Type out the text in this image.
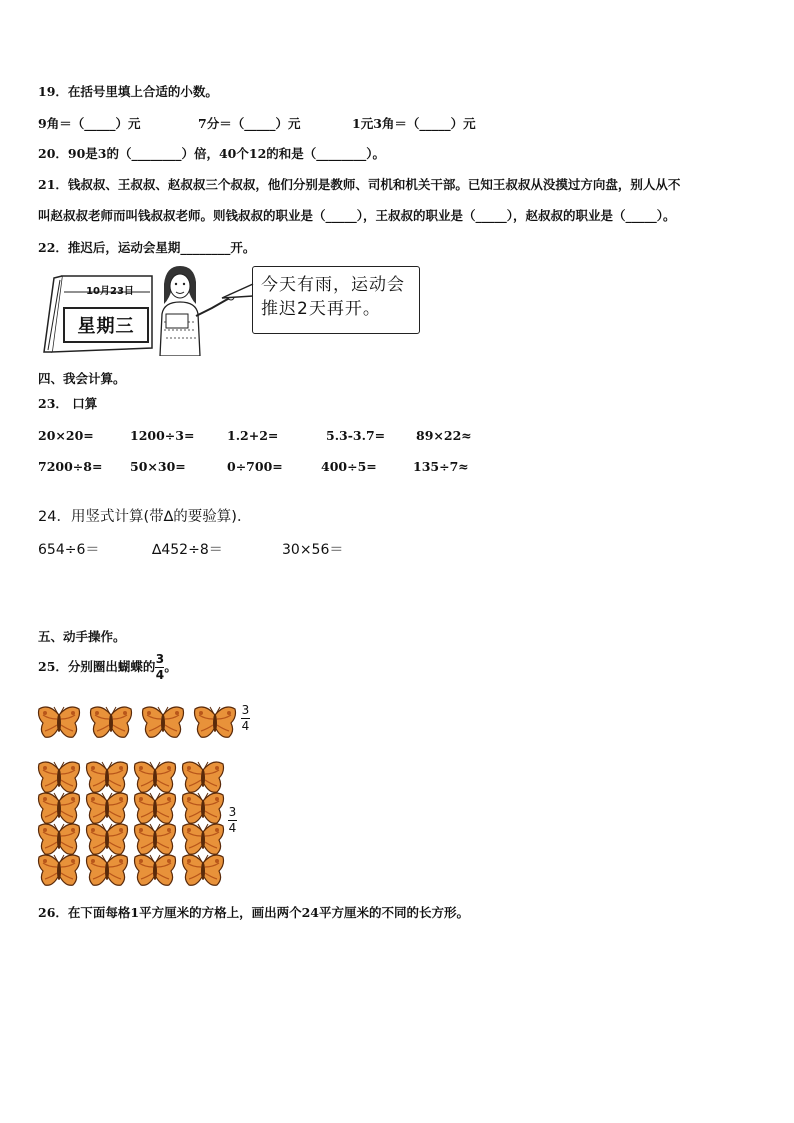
19．在括号里填上合适的小数。
9角＝（_____）元	7分＝（_____）元	1元3角＝（_____）元
20．90是3的（________）倍，40个12的和是（________）。
21．钱叔叔、王叔叔、赵叔叔三个叔叔，他们分别是教师、司机和机关干部。已知王叔叔从没摸过方向盘，别人从不
叫赵叔叔老师而叫钱叔叔老师。则钱叔叔的职业是（_____），王叔叔的职业是（_____），赵叔叔的职业是（_____）。
22．推迟后，运动会星期________开。
10月23日
星期三
今天有雨，运动会
推迟2天再开。
四、我会计算。
23． 口算
20×20=	1200÷3=	1.2+2=	5.3-3.7= 89×22≈
7200÷8= 50×30=	0÷700=	400÷5=	135÷7≈
24．用竖式计算(带∆的要验算)．
654÷6＝	∆452÷8＝	30×56＝
五、动手操作。
25．分别圈出蝴蝶的 $\frac{3}{4}$ 。
3
4
3
4
26．在下面每格1平方厘米的方格上，画出两个24平方厘米的不同的长方形。
